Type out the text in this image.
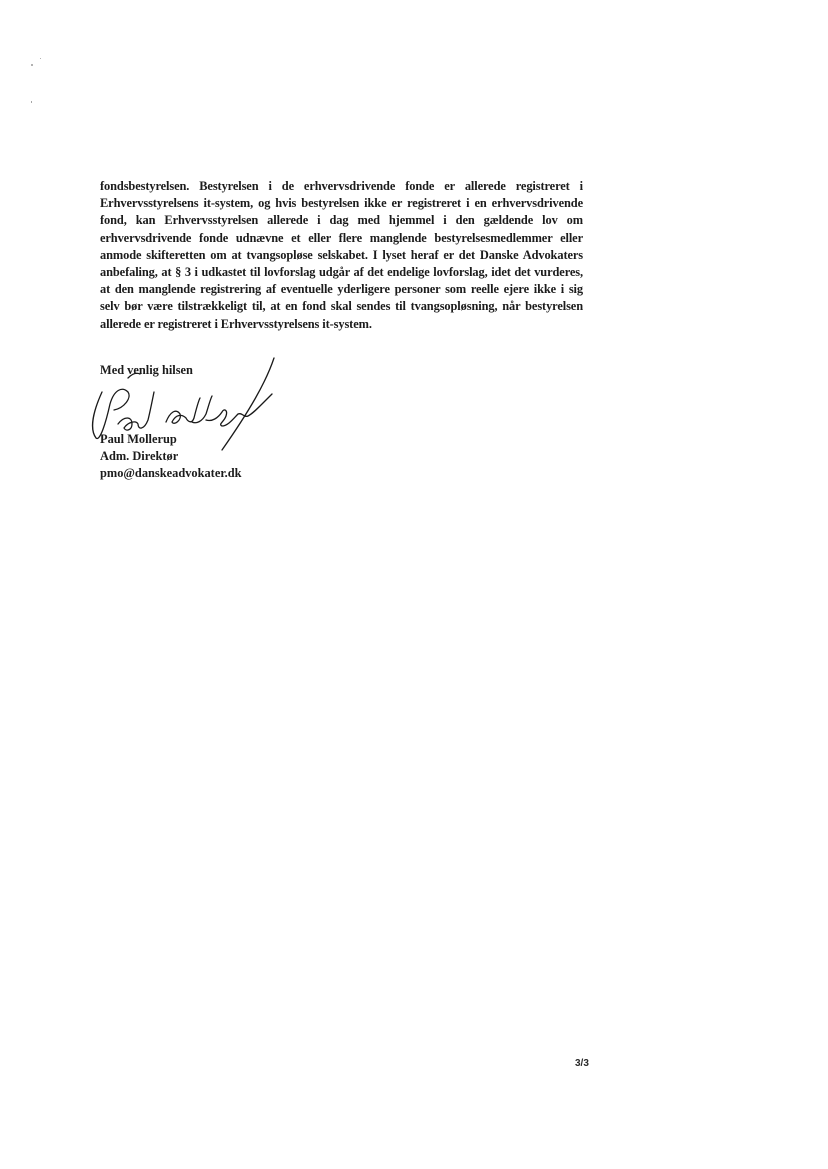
fondsbestyrelsen. Bestyrelsen i de erhvervsdrivende fonde er allerede registreret i Erhvervsstyrelsens it-system, og hvis bestyrelsen ikke er registreret i en erhvervsdrivende fond, kan Erhvervsstyrelsen allerede i dag med hjemmel i den gældende lov om erhvervsdrivende fonde udnævne et eller flere manglende bestyrelsesmedlemmer eller anmode skifteretten om at tvangsopløse selskabet. I lyset heraf er det Danske Advokaters anbefaling, at § 3 i udkastet til lovforslag udgår af det endelige lovforslag, idet det vurderes, at den manglende registrering af eventuelle yderligere personer som reelle ejere ikke i sig selv bør være tilstrækkeligt til, at en fond skal sendes til tvangsopløsning, når bestyrelsen allerede er registreret i Erhvervsstyrelsens it-system.

Med venlig hilsen

Paul Mollerup
Adm. Direktør
pmo@danskeadvokater.dk
3/3
